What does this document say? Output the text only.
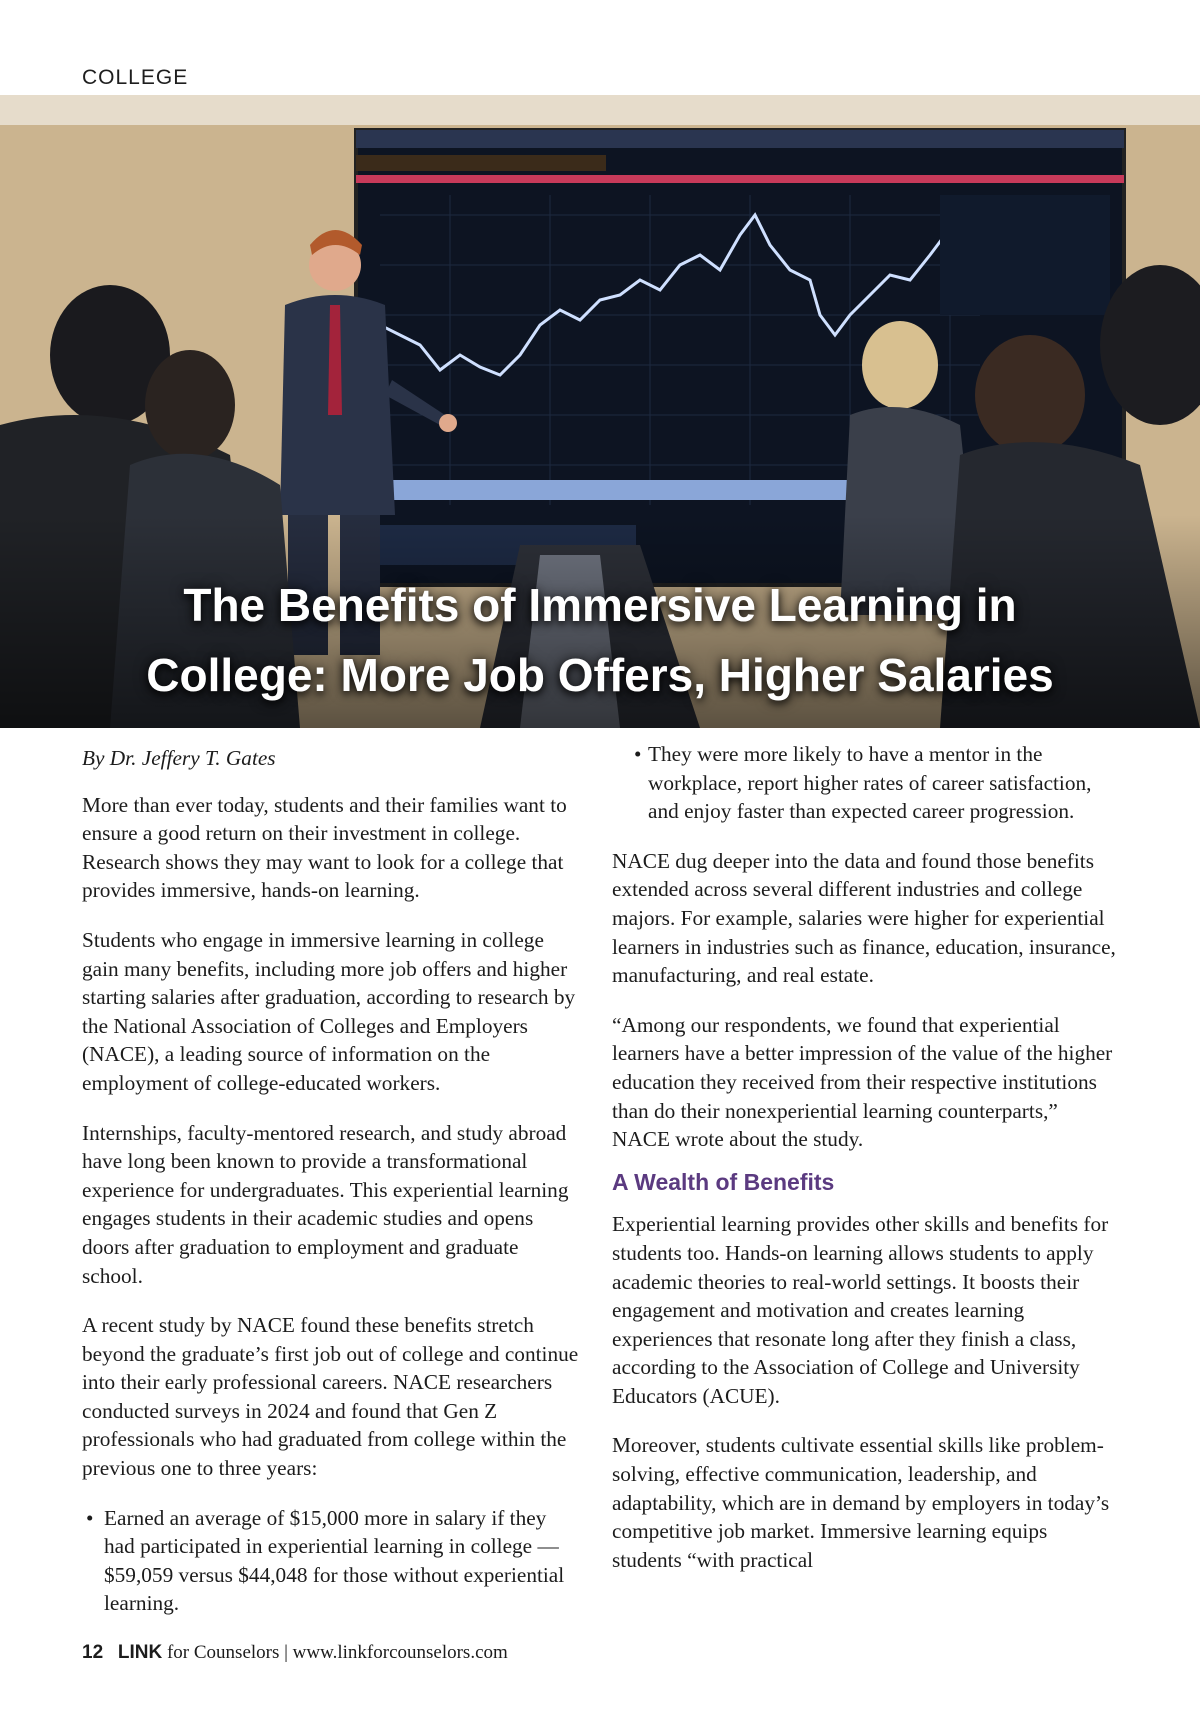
COLLEGE
The Benefits of Immersive Learning in
College: More Job Offers, Higher Salaries

By Dr. Jeffery T. Gates

More than ever today, students and their families want to ensure a good return on their investment in college. Research shows they may want to look for a college that provides immersive, hands-on learning.

Students who engage in immersive learning in college gain many benefits, including more job offers and higher starting salaries after graduation, according to research by the National Association of Colleges and Employers (NACE), a leading source of information on the employment of college-educated workers.

Internships, faculty-mentored research, and study abroad have long been known to provide a transformational experience for undergraduates. This experiential learning engages students in their academic studies and opens doors after graduation to employment and graduate school.

A recent study by NACE found these benefits stretch beyond the graduate’s first job out of college and continue into their early professional careers. NACE researchers conducted surveys in 2024 and found that Gen Z professionals who had graduated from college within the previous one to three years:

• Earned an average of $15,000 more in salary if they had participated in experiential learning in college — $59,059 versus $44,048 for those without experiential learning.
• They were more likely to have a mentor in the workplace, report higher rates of career satisfaction, and enjoy faster than expected career progression.

NACE dug deeper into the data and found those benefits extended across several different industries and college majors. For example, salaries were higher for experiential learners in industries such as finance, education, insurance, manufacturing, and real estate.

“Among our respondents, we found that experiential learners have a better impression of the value of the higher education they received from their respective institutions than do their nonexperiential learning counterparts,” NACE wrote about the study.

A Wealth of Benefits

Experiential learning provides other skills and benefits for students too. Hands-on learning allows students to apply academic theories to real-world settings. It boosts their engagement and motivation and creates learning experiences that resonate long after they finish a class, according to the Association of College and University Educators (ACUE).

Moreover, students cultivate essential skills like problem-solving, effective communication, leadership, and adaptability, which are in demand by employers in today’s competitive job market. Immersive learning equips students “with practical

12 LINK for Counselors | www.linkforcounselors.com
